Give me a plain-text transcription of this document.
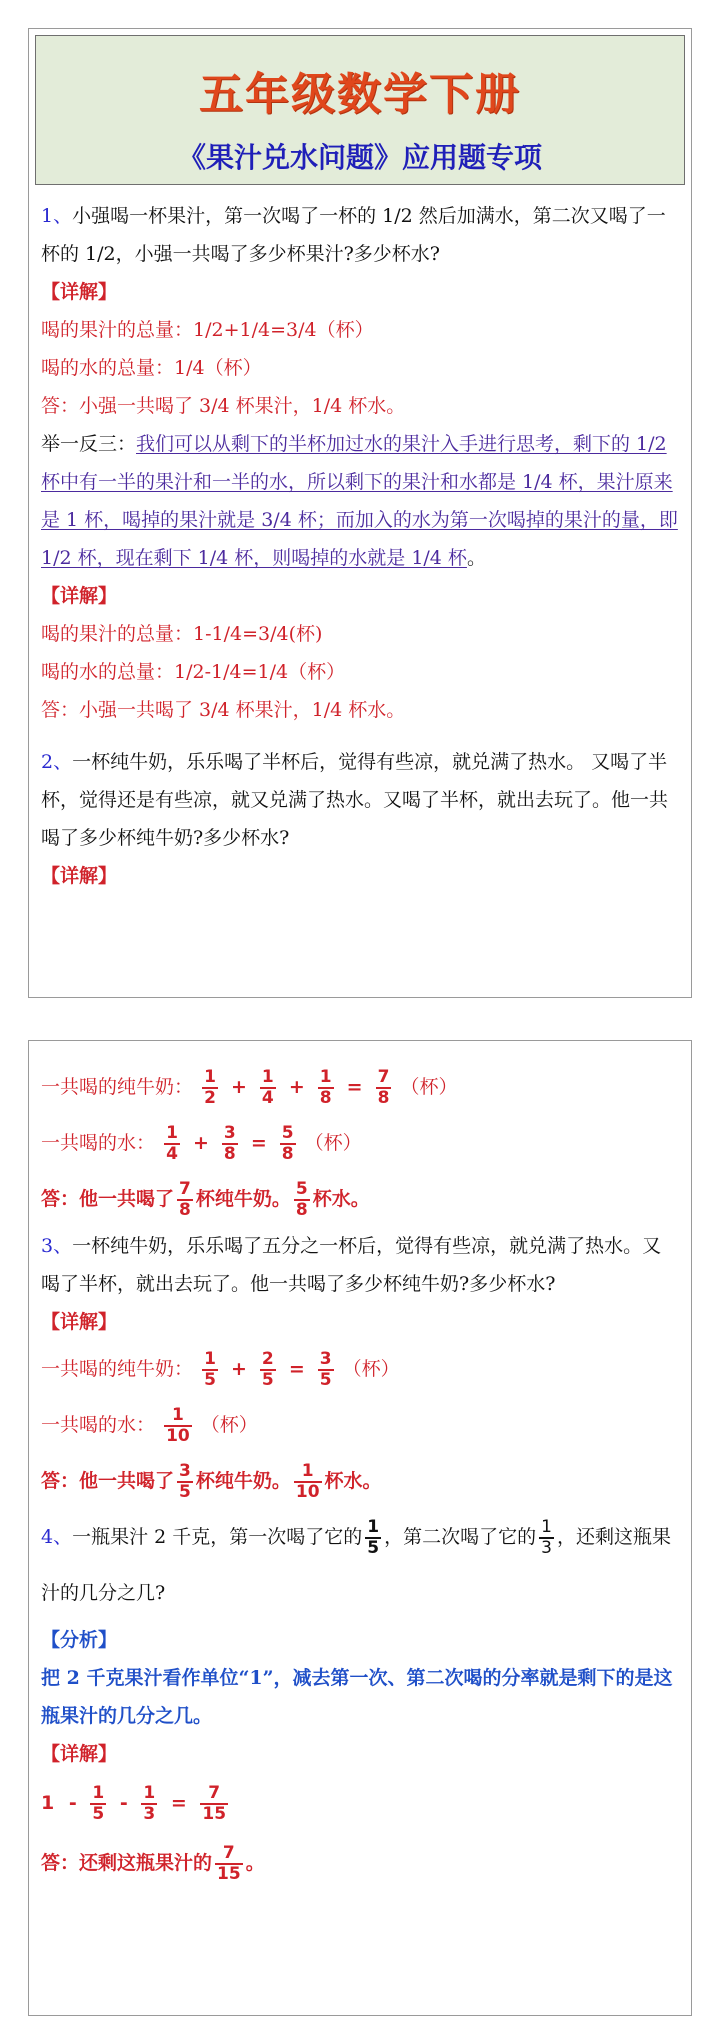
五年级数学下册
《果汁兑水问题》应用题专项

1、小强喝一杯果汁，第一次喝了一杯的 1/2 然后加满水，第二次又喝了一杯的 1/2，小强一共喝了多少杯果汁?多少杯水?

【详解】

喝的果汁的总量：1/2+1/4=3/4（杯）

喝的水的总量：1/4（杯）

答：小强一共喝了 3/4 杯果汁，1/4 杯水。

举一反三：我们可以从剩下的半杯加过水的果汁入手进行思考，剩下的 1/2 杯中有一半的果汁和一半的水，所以剩下的果汁和水都是 1/4 杯，果汁原来是 1 杯，喝掉的果汁就是 3/4 杯；而加入的水为第一次喝掉的果汁的量，即 1/2 杯，现在剩下 1/4 杯，则喝掉的水就是 1/4 杯。

【详解】

喝的果汁的总量：1-1/4=3/4(杯)

喝的水的总量：1/2-1/4=1/4（杯）

答：小强一共喝了 3/4 杯果汁，1/4 杯水。

2、一杯纯牛奶，乐乐喝了半杯后，觉得有些凉，就兑满了热水。 又喝了半杯，觉得还是有些凉，就又兑满了热水。又喝了半杯，就出去玩了。他一共喝了多少杯纯牛奶?多少杯水?

【详解】

一共喝的纯牛奶： $\frac{1}{2} + \frac{1}{4} + \frac{1}{8} = \frac{7}{8}$ （杯）

一共喝的水： $\frac{1}{4} + \frac{3}{8} = \frac{5}{8}$ （杯）

答：他一共喝了 $\frac{7}{8}$ 杯纯牛奶。 $\frac{5}{8}$ 杯水。

3、一杯纯牛奶，乐乐喝了五分之一杯后，觉得有些凉，就兑满了热水。又喝了半杯，就出去玩了。他一共喝了多少杯纯牛奶?多少杯水?

【详解】

一共喝的纯牛奶： $\frac{1}{5} + \frac{2}{5} = \frac{3}{5}$ （杯）

一共喝的水： $\frac{1}{10}$ （杯）

答：他一共喝了 $\frac{3}{5}$ 杯纯牛奶。 $\frac{1}{10}$ 杯水。

4、一瓶果汁 2 千克，第一次喝了它的 $\frac{1}{5}$ ，第二次喝了它的 $\frac{1}{3}$ ，还剩这瓶果汁的几分之几?

【分析】

把 2 千克果汁看作单位“1”，减去第一次、第二次喝的分率就是剩下的是这瓶果汁的几分之几。

【详解】

$1 - \frac{1}{5} - \frac{1}{3} = \frac{7}{15}$

答：还剩这瓶果汁的 $\frac{7}{15}$ 。
